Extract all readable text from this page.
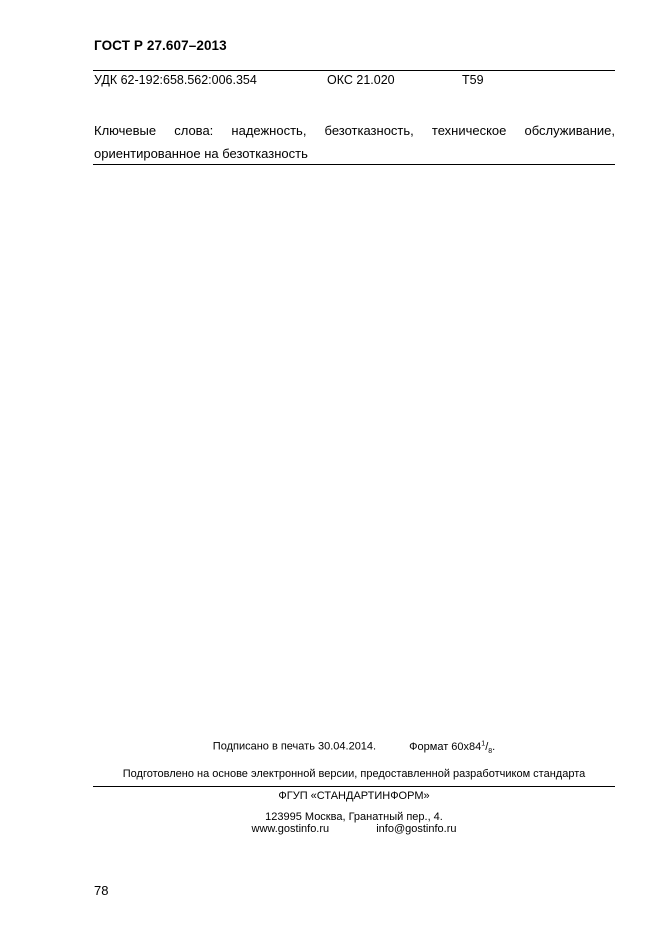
ГОСТ Р 27.607–2013
УДК 62-192:658.562:006.354	ОКС 21.020	Т59
Ключевые слова: надежность, безотказность, техническое обслуживание,
ориентированное на безотказность
Подписано в печать 30.04.2014.	Формат $60х84^1/_8$.
Подготовлено на основе электронной версии, предоставленной разработчиком стандарта
ФГУП «СТАНДАРТИНФОРМ»
123995 Москва, Гранатный пер., 4.
www.gostinfo.ru	info@gostinfo.ru
78
